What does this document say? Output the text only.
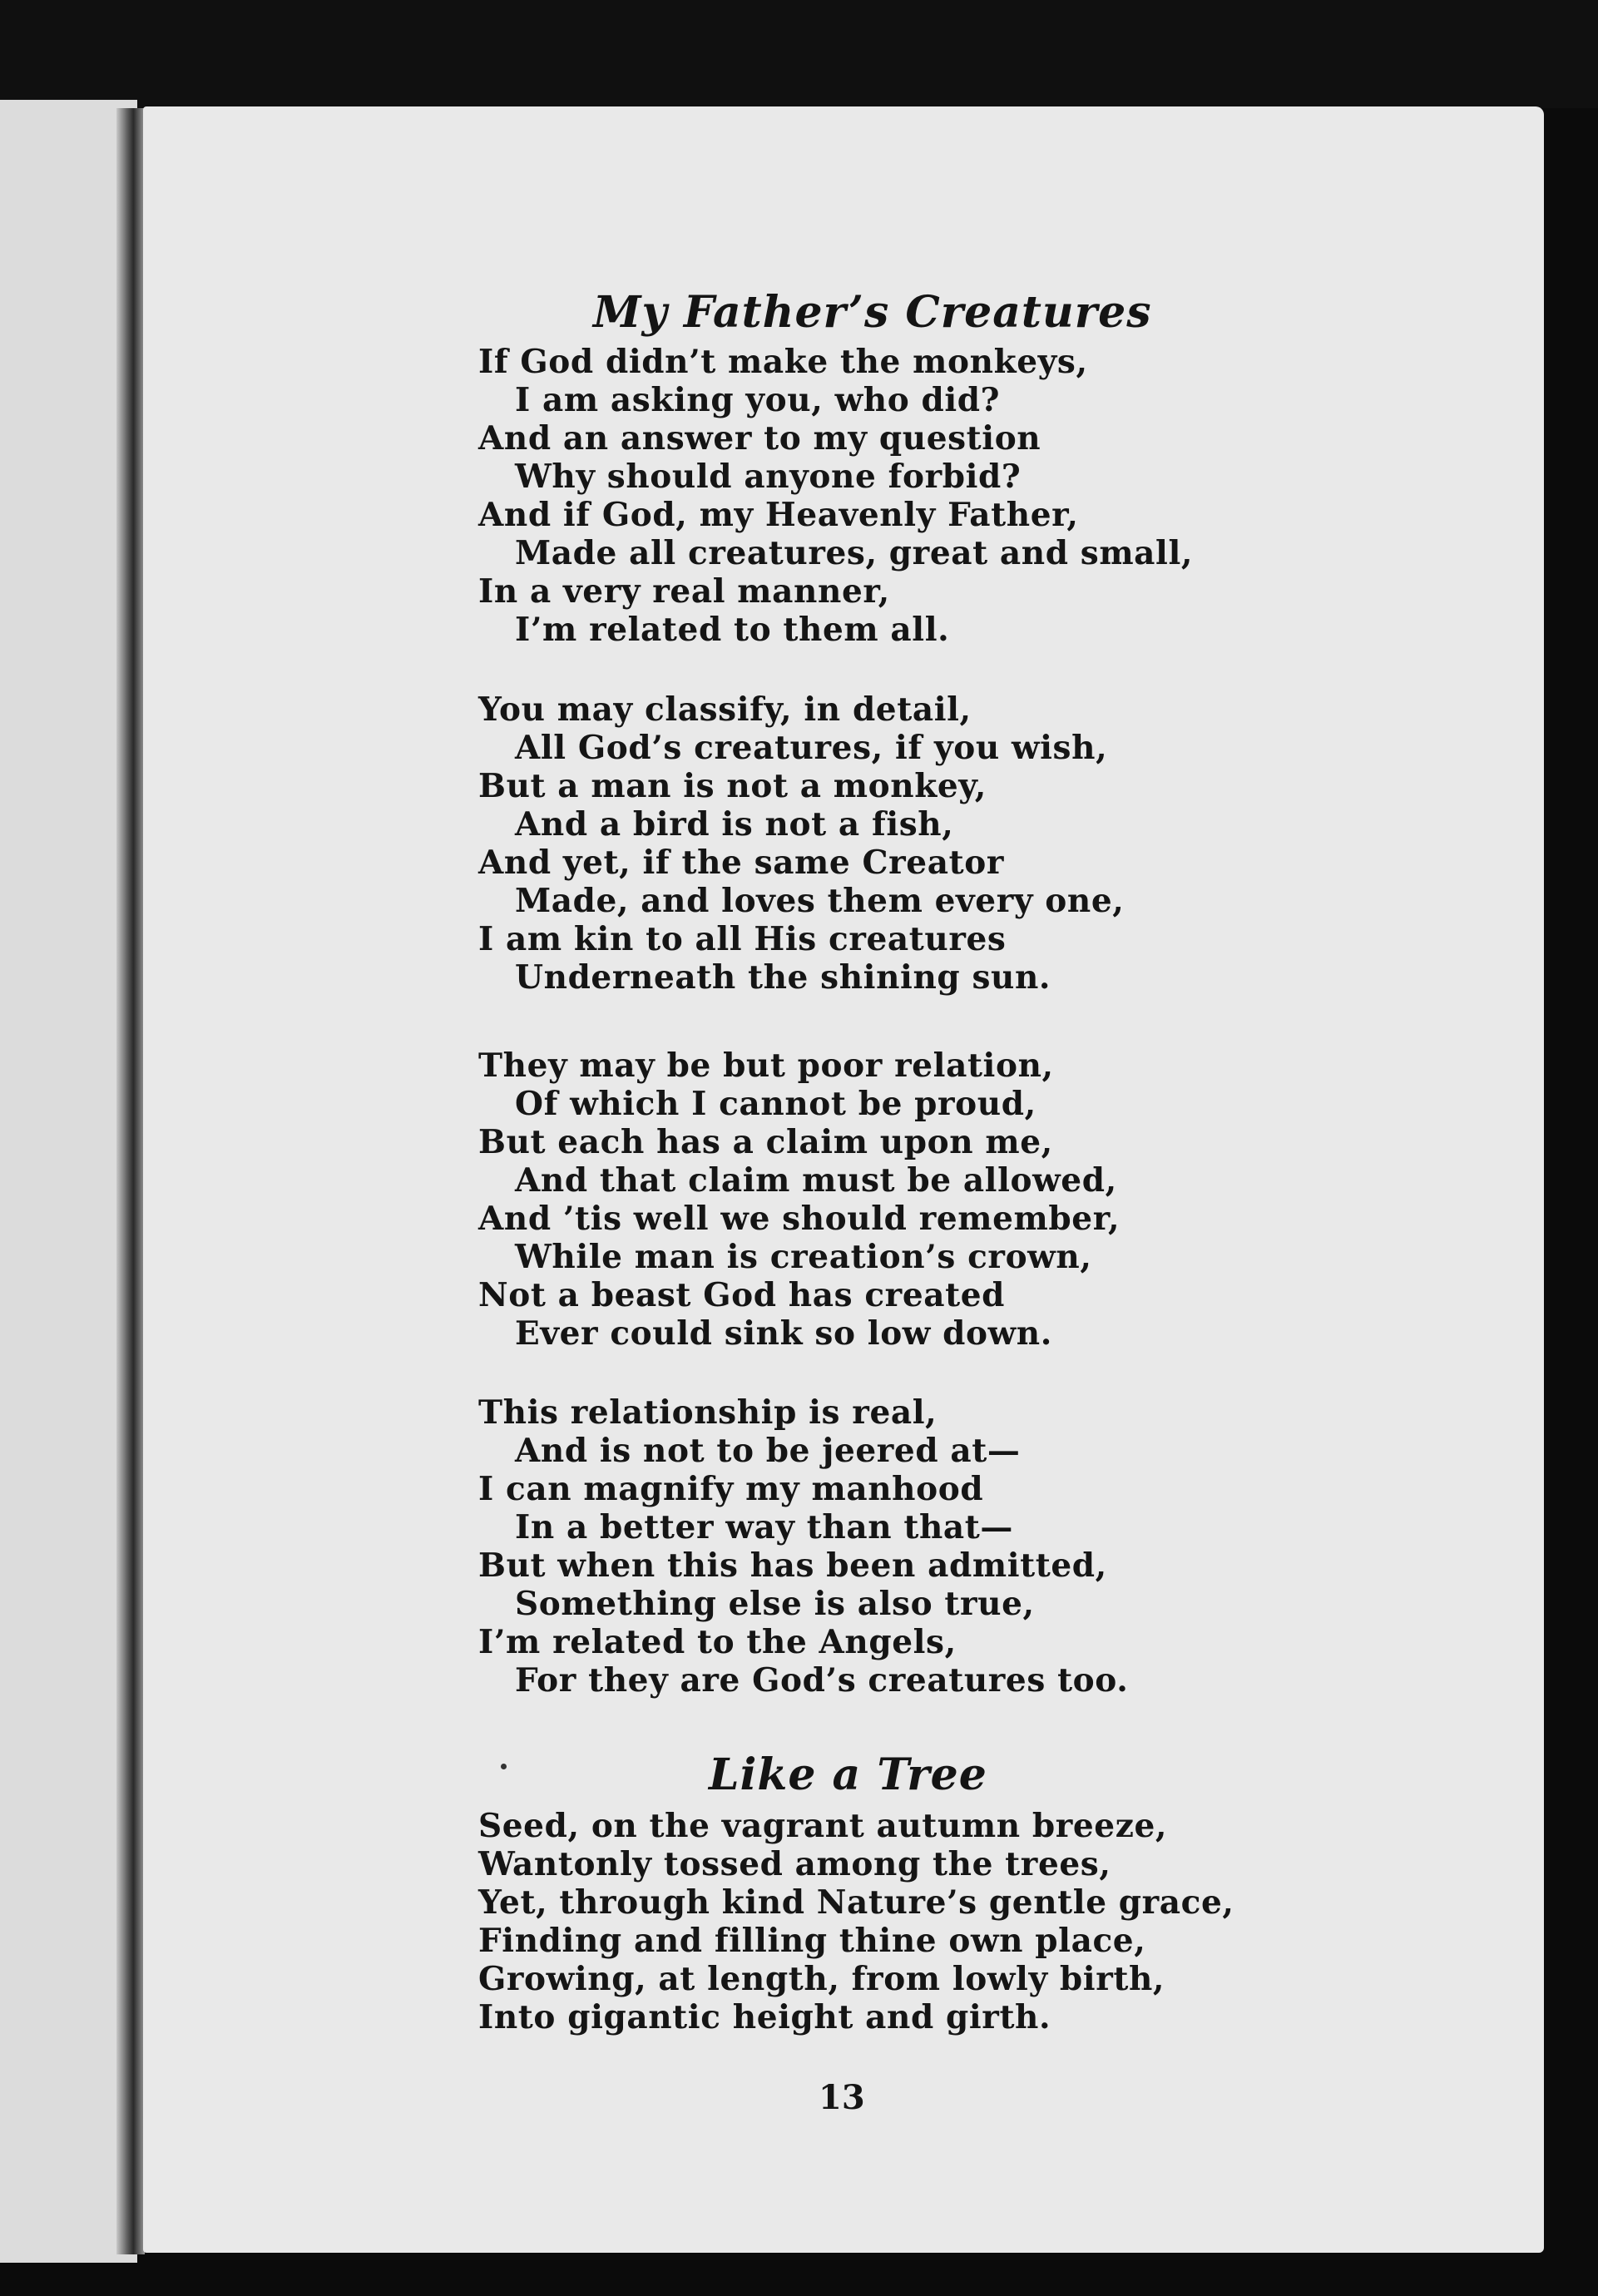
My Father’s Creatures
If God didn’t make the monkeys,
I am asking you, who did?
And an answer to my question
Why should anyone forbid?
And if God, my Heavenly Father,
Made all creatures, great and small,
In a very real manner,
I’m related to them all.
You may classify, in detail,
All God’s creatures, if you wish,
But a man is not a monkey,
And a bird is not a fish,
And yet, if the same Creator
Made, and loves them every one,
I am kin to all His creatures
Underneath the shining sun.
They may be but poor relation,
Of which I cannot be proud,
But each has a claim upon me,
And that claim must be allowed,
And ’tis well we should remember,
While man is creation’s crown,
Not a beast God has created
Ever could sink so low down.
This relationship is real,
And is not to be jeered at—
I can magnify my manhood
In a better way than that—
But when this has been admitted,
Something else is also true,
I’m related to the Angels,
For they are God’s creatures too.
Like a Tree
Seed, on the vagrant autumn breeze,
Wantonly tossed among the trees,
Yet, through kind Nature’s gentle grace,
Finding and filling thine own place,
Growing, at length, from lowly birth,
Into gigantic height and girth.
13
